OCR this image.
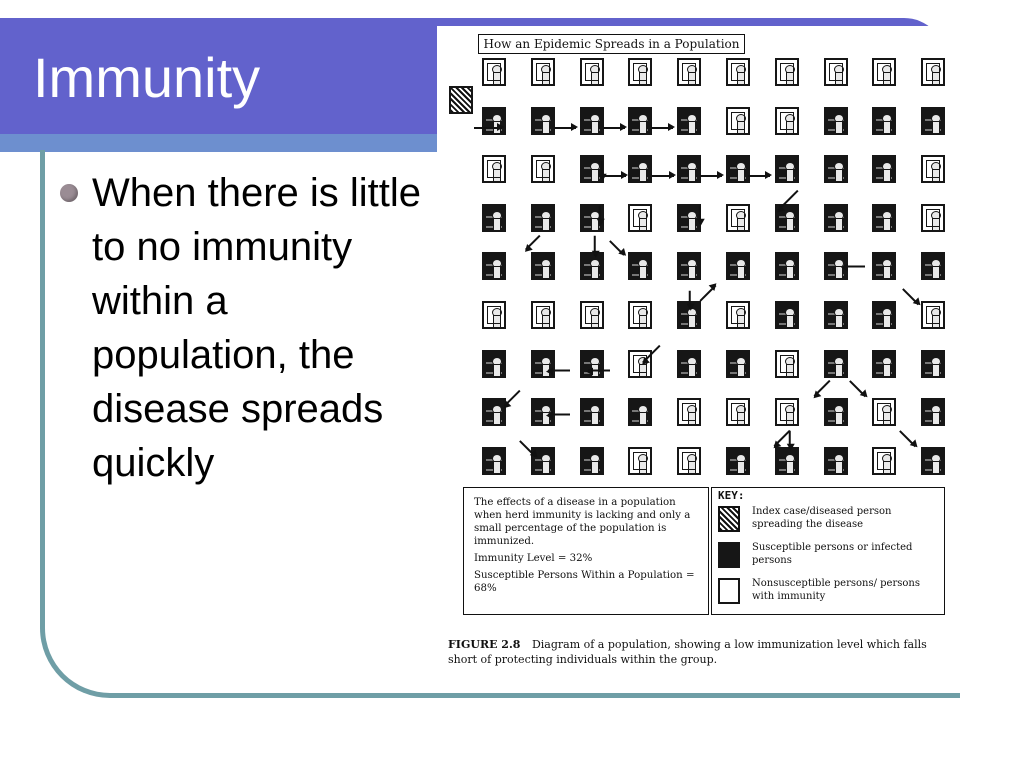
Immunity
When there is little to no immunity within a population, the disease spreads quickly
How an Epidemic Spreads in a Population

The effects of a disease in a population when herd immunity is lacking and only a small percentage of the population is immunized.

Immunity Level = 32%

Susceptible Persons Within a Population = 68%

KEY:
Index case/diseased person spreading the disease
Susceptible persons or infected persons
Nonsusceptible persons/ persons with immunity
FIGURE 2.8 Diagram of a population, showing a low immunization level which falls short of protecting individuals within the group.
